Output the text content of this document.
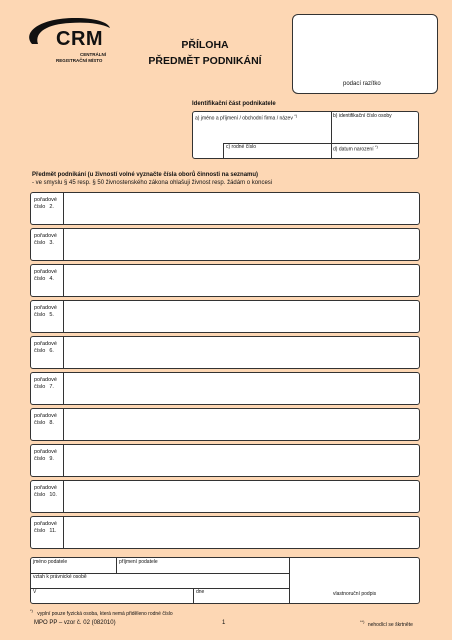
CRM
CENTRÁLNÍ
REGISTRAČNÍ MÍSTO
PŘÍLOHA
PŘEDMĚT PODNIKÁNÍ
podací razítko
Identifikační část podnikatele
a) jméno a příjmení / obchodní firma / název *)	b) identifikační číslo osoby
c) rodné číslo	d) datum narození *)
Předmět podnikání (u živností volné vyznačte čísla oborů činnosti na seznamu)
- ve smyslu § 45 resp. § 50 živnostenského zákona ohlašuji živnost resp. žádám o koncesi
pořadové
číslo 2.
pořadové
číslo 3.
pořadové
číslo 4.
pořadové
číslo 5.
pořadové
číslo 6.
pořadové
číslo 7.
pořadové
číslo 8.
pořadové
číslo 9.
pořadové
číslo 10.
pořadové
číslo 11.
jméno podatele	příjmení podatele
vztah k právnické osobě
V	dne	vlastnoruční podpis
*) vyplní pouze fyzická osoba, která nemá přiděleno rodné číslo
MPO PP – vzor č. 02 (082010)	1	**) nehodící se škrtněte
